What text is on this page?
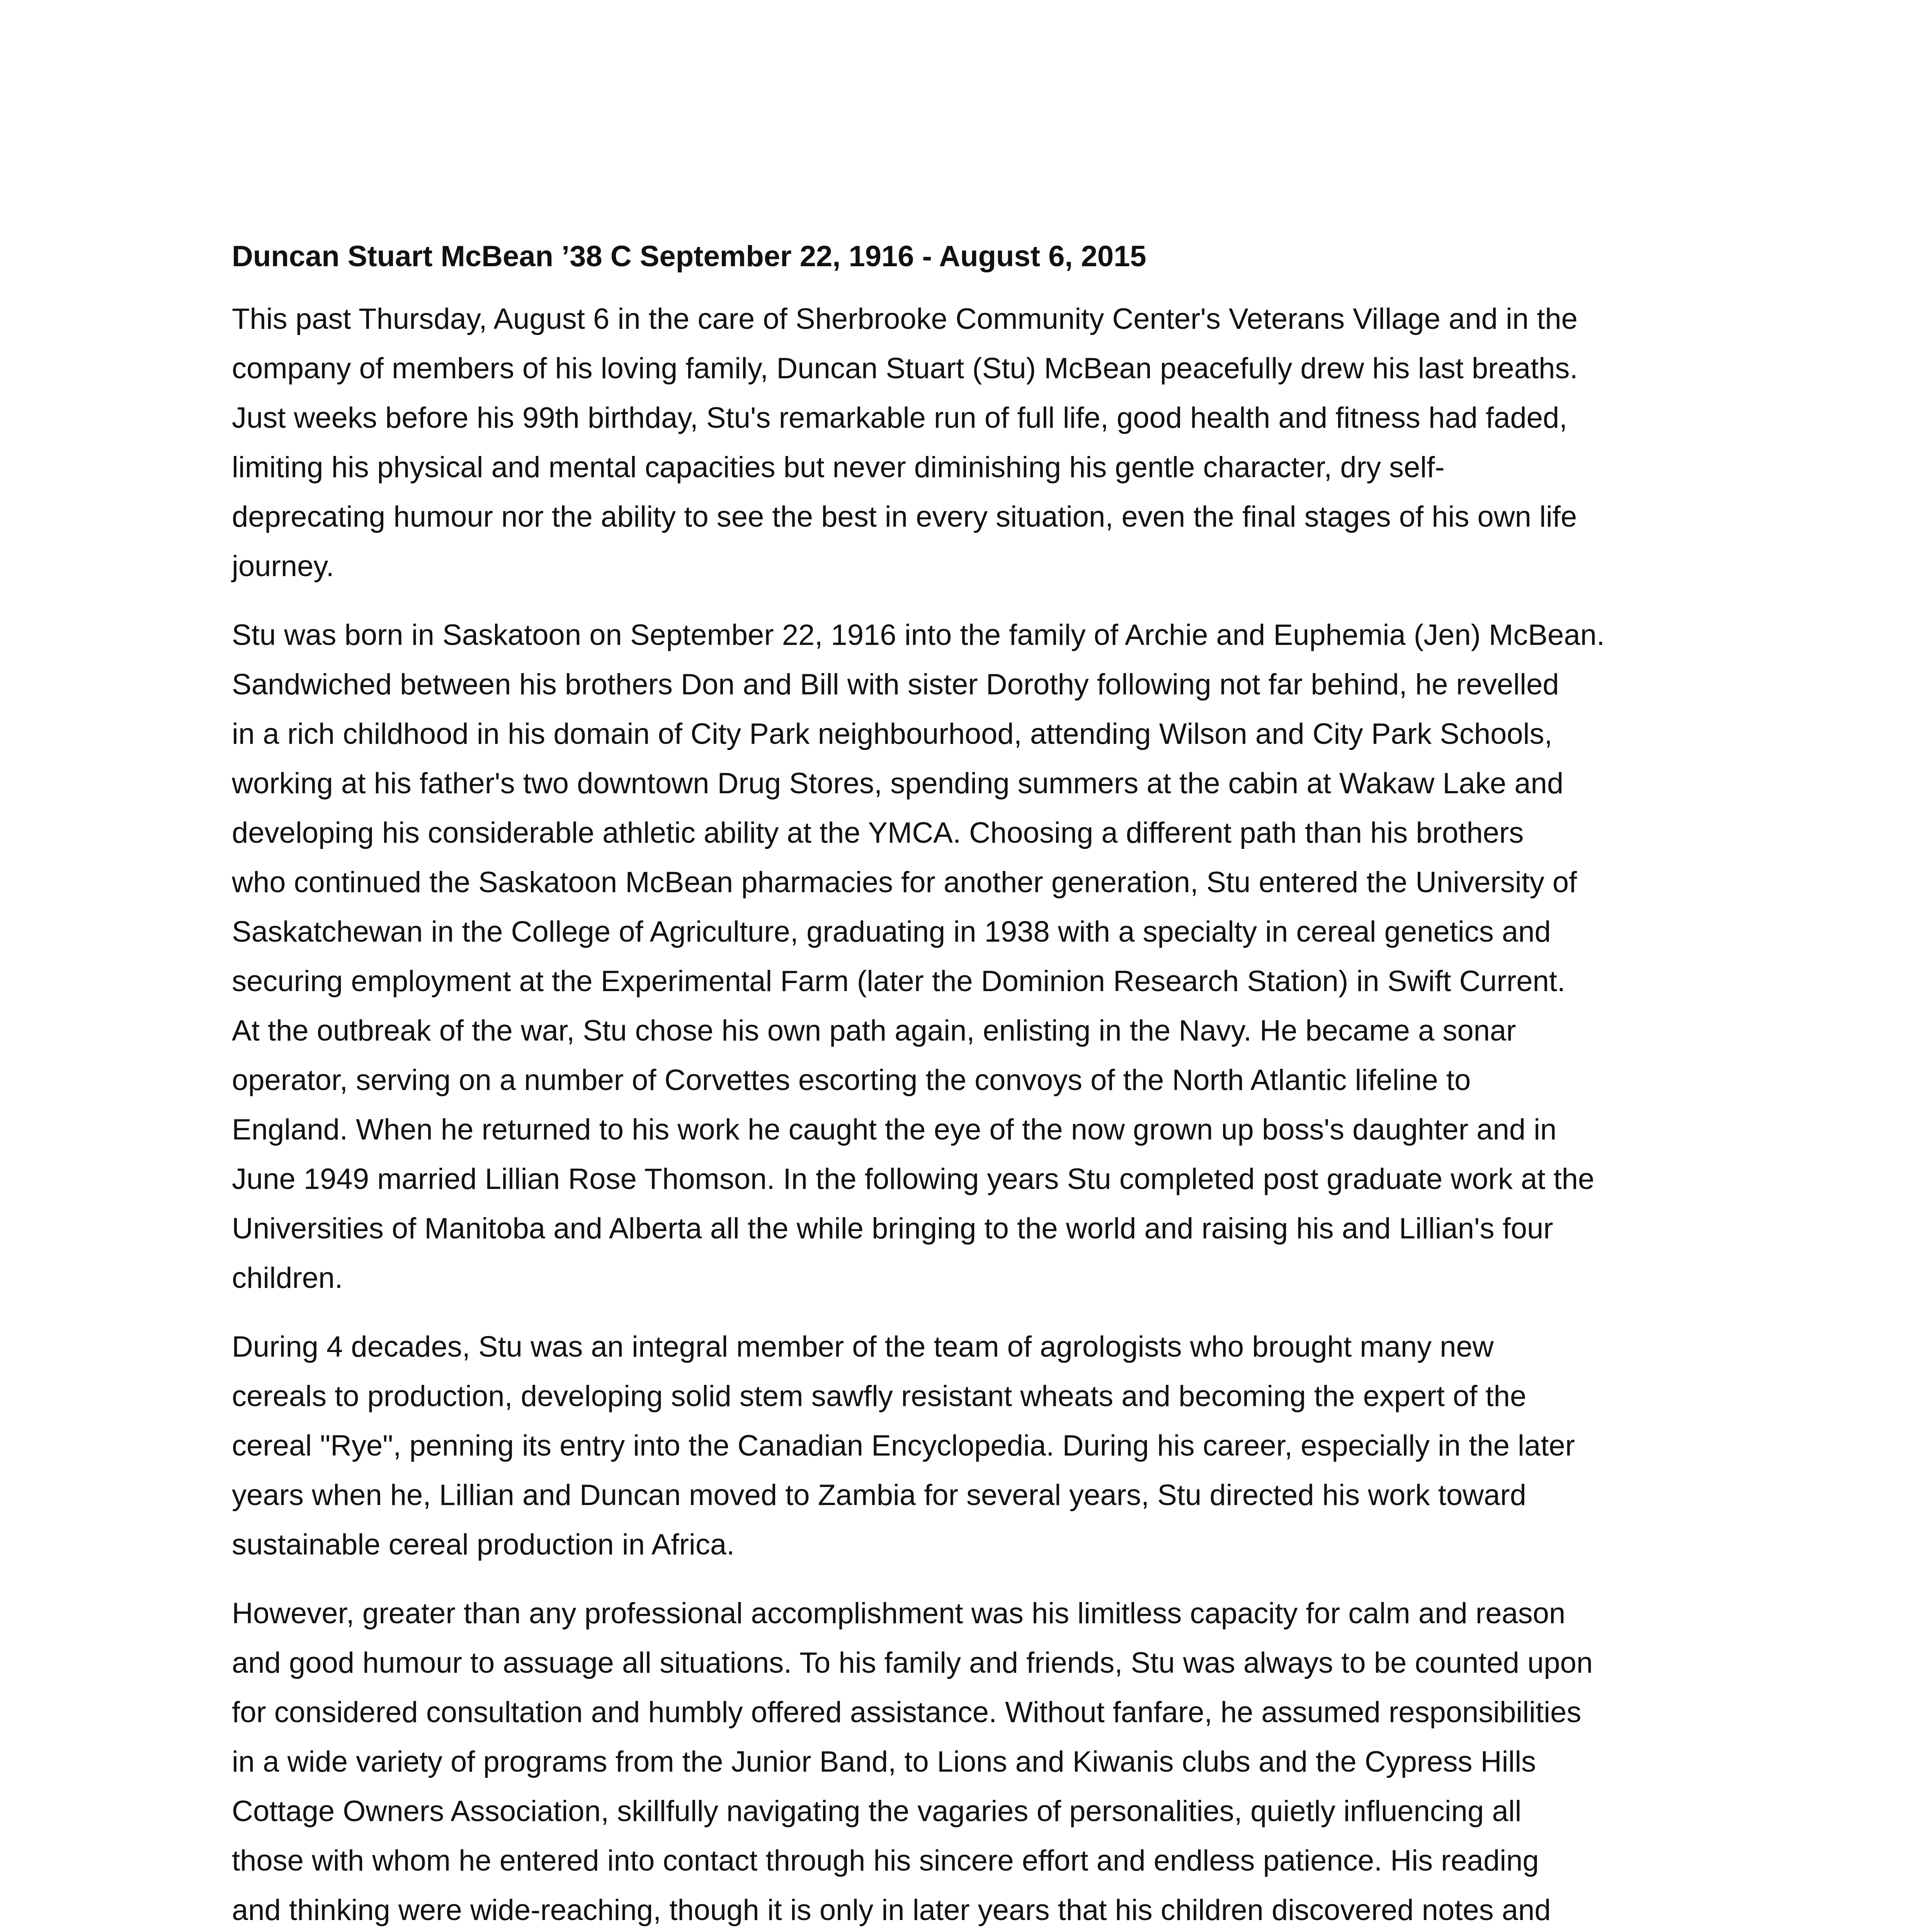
Duncan Stuart McBean ’38 C September 22, 1916 - August 6, 2015
This past Thursday, August 6 in the care of Sherbrooke Community Center's Veterans Village and in the
company of members of his loving family, Duncan Stuart (Stu) McBean peacefully drew his last breaths.
Just weeks before his 99th birthday, Stu's remarkable run of full life, good health and fitness had faded,
limiting his physical and mental capacities but never diminishing his gentle character, dry self-
deprecating humour nor the ability to see the best in every situation, even the final stages of his own life
journey.
Stu was born in Saskatoon on September 22, 1916 into the family of Archie and Euphemia (Jen) McBean.
Sandwiched between his brothers Don and Bill with sister Dorothy following not far behind, he revelled
in a rich childhood in his domain of City Park neighbourhood, attending Wilson and City Park Schools,
working at his father's two downtown Drug Stores, spending summers at the cabin at Wakaw Lake and
developing his considerable athletic ability at the YMCA. Choosing a different path than his brothers
who continued the Saskatoon McBean pharmacies for another generation, Stu entered the University of
Saskatchewan in the College of Agriculture, graduating in 1938 with a specialty in cereal genetics and
securing employment at the Experimental Farm (later the Dominion Research Station) in Swift Current.
At the outbreak of the war, Stu chose his own path again, enlisting in the Navy. He became a sonar
operator, serving on a number of Corvettes escorting the convoys of the North Atlantic lifeline to
England. When he returned to his work he caught the eye of the now grown up boss's daughter and in
June 1949 married Lillian Rose Thomson. In the following years Stu completed post graduate work at the
Universities of Manitoba and Alberta all the while bringing to the world and raising his and Lillian's four
children.
During 4 decades, Stu was an integral member of the team of agrologists who brought many new
cereals to production, developing solid stem sawfly resistant wheats and becoming the expert of the
cereal "Rye", penning its entry into the Canadian Encyclopedia. During his career, especially in the later
years when he, Lillian and Duncan moved to Zambia for several years, Stu directed his work toward
sustainable cereal production in Africa.
However, greater than any professional accomplishment was his limitless capacity for calm and reason
and good humour to assuage all situations. To his family and friends, Stu was always to be counted upon
for considered consultation and humbly offered assistance. Without fanfare, he assumed responsibilities
in a wide variety of programs from the Junior Band, to Lions and Kiwanis clubs and the Cypress Hills
Cottage Owners Association, skillfully navigating the vagaries of personalities, quietly influencing all
those with whom he entered into contact through his sincere effort and endless patience. His reading
and thinking were wide-reaching, though it is only in later years that his children discovered notes and
